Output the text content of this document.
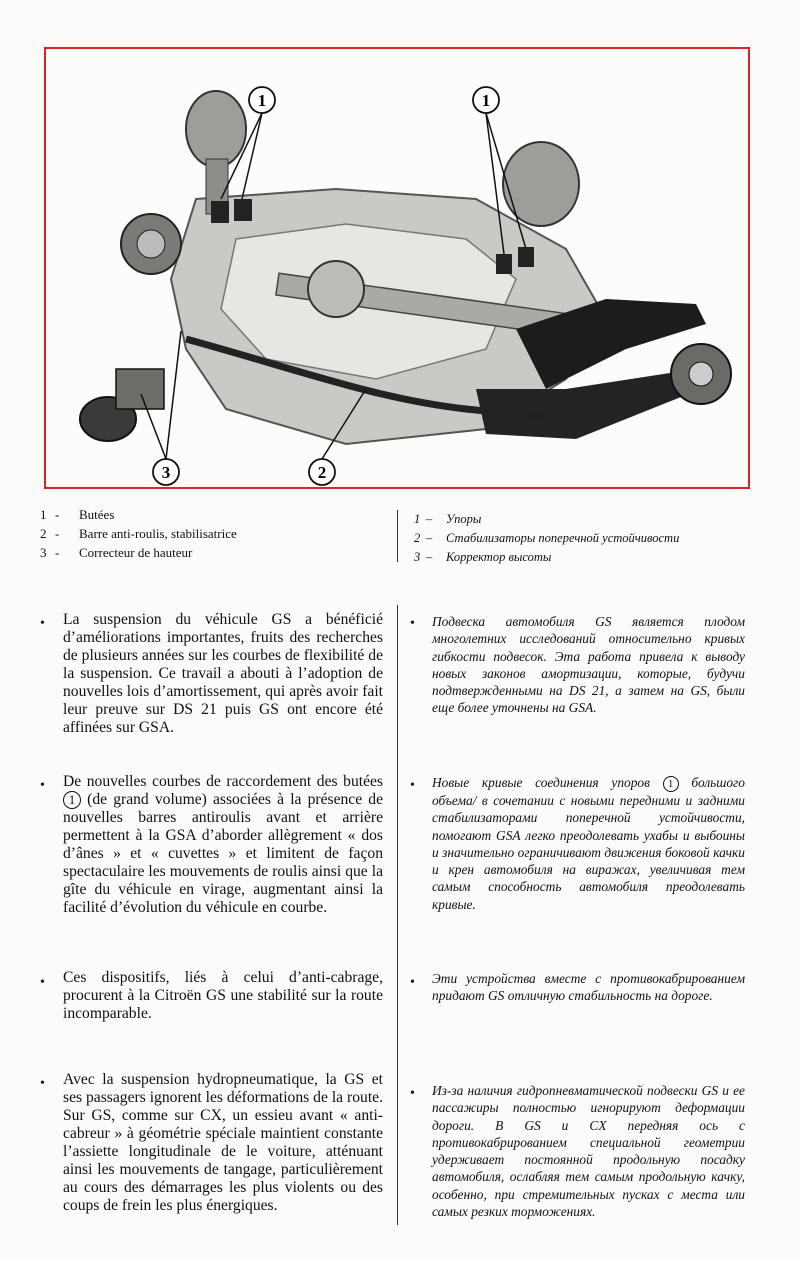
1	1
2
3
1 -	Butées
2 -	Barre anti-roulis, stabilisatrice
3 -	Correcteur de hauteur
1 –	Упоры
2 –	Стабилизаторы поперечной устойчивости
3 –	Корректор высоты
• La suspension du véhicule GS a bénéficié d’améliorations importantes, fruits des recherches de plusieurs années sur les courbes de flexibilité de la suspension. Ce travail a abouti à l’adoption de nouvelles lois d’amortissement, qui après avoir fait leur preuve sur DS 21 puis GS ont encore été affinées sur GSA.
• Подвеска автомобиля GS является плодом многолетних исследований относительно кривых гибкости подвесок. Эта работа привела к выводу новых законов амортизации, которые, будучи подтвержденными на DS 21, а затем на GS, были еще более уточнены на GSA.
• De nouvelles courbes de raccordement des butées 1 (de grand volume) associées à la présence de nouvelles barres antiroulis avant et arrière permettent à la GSA d’aborder allègrement « dos d’ânes » et « cuvettes » et limitent de façon spectaculaire les mouvements de roulis ainsi que la gîte du véhicule en virage, augmentant ainsi la facilité d’évolution du véhicule en courbe.
• Новые кривые соединения упоров 1 большого объема/ в сочетании с новыми передними и задними стабилизаторами поперечной устойчивости, помогают GSA легко преодолевать ухабы и выбоины и значительно ограничивают движения боковой качки и крен автомобиля на виражах, увеличивая тем самым способность автомобиля преодолевать кривые.
• Ces dispositifs, liés à celui d’anti-cabrage, procurent à la Citroën GS une stabilité sur la route incomparable.
• Эти устройства вместе с противокабрированием придают GS отличную стабильность на дороге.
• Avec la suspension hydropneumatique, la GS et ses passagers ignorent les déformations de la route. Sur GS, comme sur CX, un essieu avant « anti-cabreur » à géométrie spéciale maintient constante l’assiette longitudinale de le voiture, atténuant ainsi les mouvements de tangage, particulièrement au cours des démarrages les plus violents ou des coups de frein les plus énergiques.
• Из-за наличия гидропневматической подвески GS и ее пассажиры полностью игнорируют деформации дороги. В GS и CX передняя ось с противокабрированием специальной геометрии удерживает постоянной продольную посадку автомобиля, ослабляя тем самым продольную качку, особенно, при стремительных пусках с места или самых резких торможениях.
